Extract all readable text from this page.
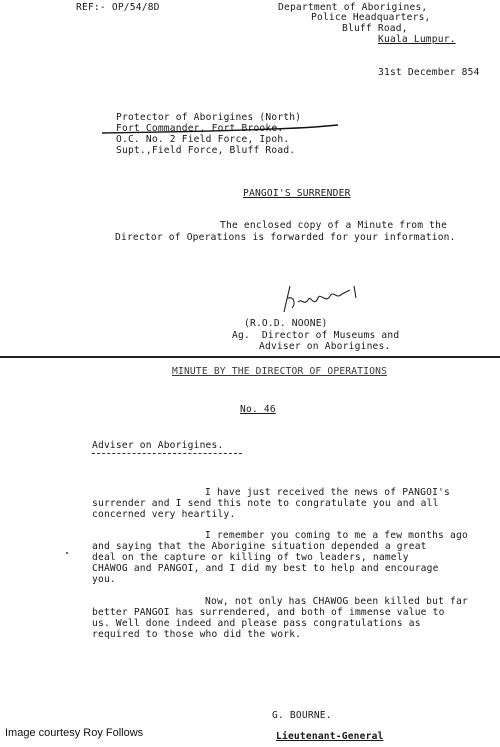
REF:- OP/54/8D	Department of Aborigines,
Police Headquarters,
Bluff Road,
Kuala Lumpur.
31st December 854
Protector of Aborigines (North)
Fort Commander, Fort Brooke.
O.C. No. 2 Field Force, Ipoh.
Supt.,Field Force, Bluff Road.
PANGOI'S SURRENDER
The enclosed copy of a Minute from the
Director of Operations is forwarded for your information.
(R.O.D. NOONE)
Ag.  Director of Museums and
Adviser on Aborigines.
MINUTE BY THE DIRECTOR OF OPERATIONS
No. 46
Adviser on Aborigines.
I have just received the news of PANGOI's
surrender and I send this note to congratulate you and all
concerned very heartily.
I remember you coming to me a few months ago
and saying that the Aborigine situation depended a great
deal on the capture or killing of two leaders, namely
CHAWOG and PANGOI, and I did my best to help and encourage
you.
Now, not only has CHAWOG been killed but far
better PANGOI has surrendered, and both of immense value to
us. Well done indeed and please pass congratulations as
required to those who did the work.
G. BOURNE.
Lieutenant-General
Image courtesy Roy Follows
